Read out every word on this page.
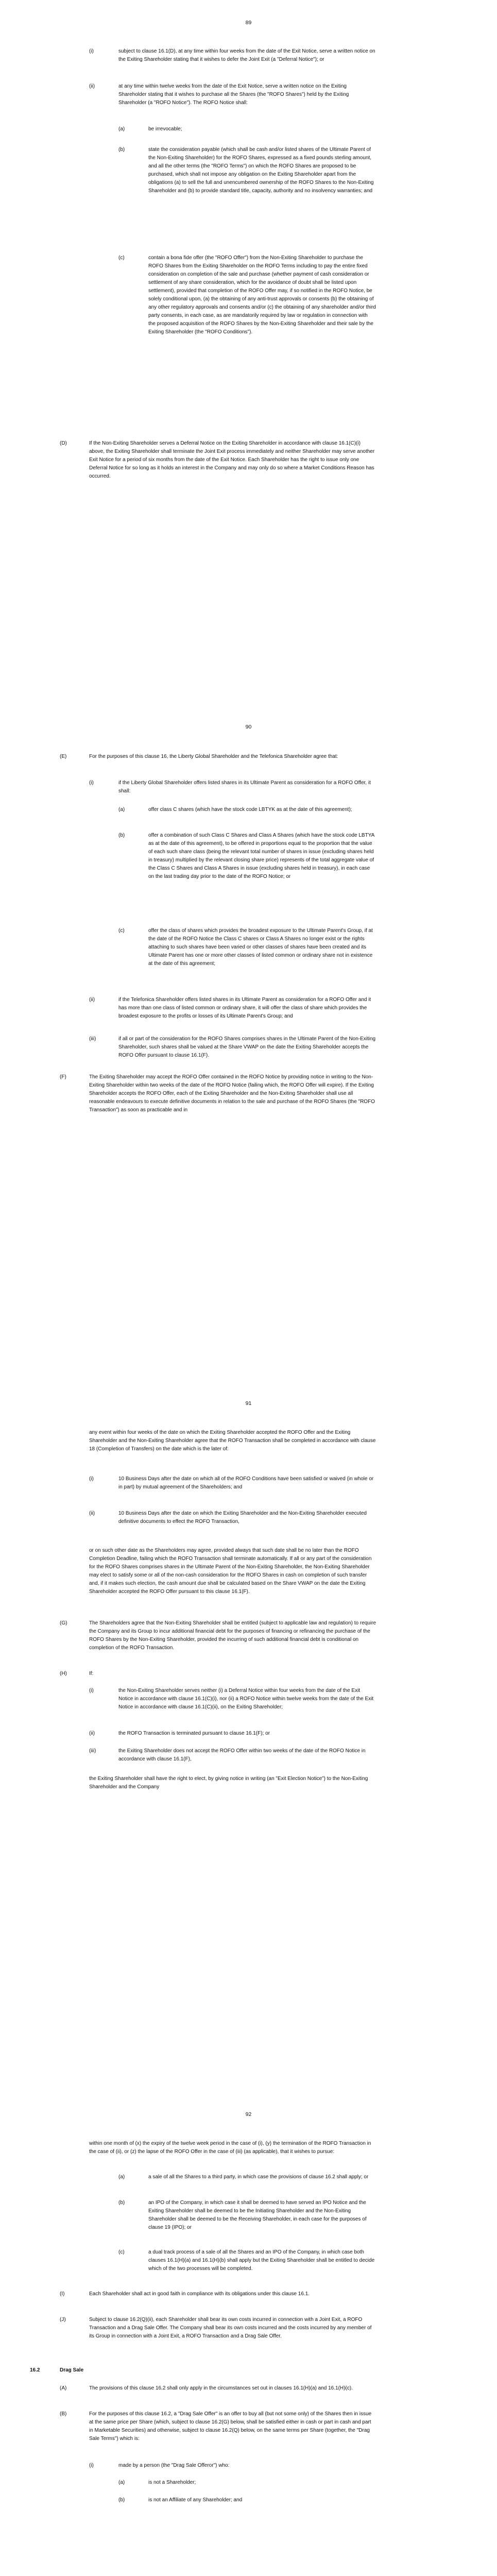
89
(i)	subject to clause 16.1(D), at any time within four weeks from the date of the Exit Notice, serve a written notice on the Exiting Shareholder stating that it wishes to defer the Joint Exit (a "Deferral Notice"); or

(ii)	at any time within twelve weeks from the date of the Exit Notice, serve a written notice on the Exiting Shareholder stating that it wishes to purchase all the Shares (the "ROFO Shares") held by the Exiting Shareholder (a "ROFO Notice"). The ROFO Notice shall:

(a)	be irrevocable;

(b)	state the consideration payable (which shall be cash and/or listed shares of the Ultimate Parent of the Non-Exiting Shareholder) for the ROFO Shares, expressed as a fixed pounds sterling amount, and all the other terms (the "ROFO Terms") on which the ROFO Shares are proposed to be purchased, which shall not impose any obligation on the Exiting Shareholder apart from the obligations (a) to sell the full and unencumbered ownership of the ROFO Shares to the Non-Exiting Shareholder and (b) to provide standard title, capacity, authority and no insolvency warranties; and

(c)	contain a bona fide offer (the "ROFO Offer") from the Non-Exiting Shareholder to purchase the ROFO Shares from the Exiting Shareholder on the ROFO Terms including to pay the entire fixed consideration on completion of the sale and purchase (whether payment of cash consideration or settlement of any share consideration, which for the avoidance of doubt shall be listed upon settlement), provided that completion of the ROFO Offer may, if so notified in the ROFO Notice, be solely conditional upon, (a) the obtaining of any anti-trust approvals or consents (b) the obtaining of any other regulatory approvals and consents and/or (c) the obtaining of any shareholder and/or third party consents, in each case, as are mandatorily required by law or regulation in connection with the proposed acquisition of the ROFO Shares by the Non-Exiting Shareholder and their sale by the Exiting Shareholder (the "ROFO Conditions").

(D)	If the Non-Exiting Shareholder serves a Deferral Notice on the Exiting Shareholder in accordance with clause 16.1(C)(i) above, the Exiting Shareholder shall terminate the Joint Exit process immediately and neither Shareholder may serve another Exit Notice for a period of six months from the date of the Exit Notice. Each Shareholder has the right to issue only one Deferral Notice for so long as it holds an interest in the Company and may only do so where a Market Conditions Reason has occurred.

90
(E)	For the purposes of this clause 16, the Liberty Global Shareholder and the Telefonica Shareholder agree that:

(i)	if the Liberty Global Shareholder offers listed shares in its Ultimate Parent as consideration for a ROFO Offer, it shall:

(a)	offer class C shares (which have the stock code LBTYK as at the date of this agreement);

(b)	offer a combination of such Class C Shares and Class A Shares (which have the stock code LBTYA as at the date of this agreement), to be offered in proportions equal to the proportion that the value of each such share class (being the relevant total number of shares in issue (excluding shares held in treasury) multiplied by the relevant closing share price) represents of the total aggregate value of the Class C Shares and Class A Shares in issue (excluding shares held in treasury), in each case on the last trading day prior to the date of the ROFO Notice; or

(c)	offer the class of shares which provides the broadest exposure to the Ultimate Parent's Group, if at the date of the ROFO Notice the Class C shares or Class A Shares no longer exist or the rights attaching to such shares have been varied or other classes of shares have been created and its Ultimate Parent has one or more other classes of listed common or ordinary share not in existence at the date of this agreement;

(ii)	if the Telefonica Shareholder offers listed shares in its Ultimate Parent as consideration for a ROFO Offer and it has more than one class of listed common or ordinary share, it will offer the class of share which provides the broadest exposure to the profits or losses of its Ultimate Parent's Group; and

(iii)	if all or part of the consideration for the ROFO Shares comprises shares in the Ultimate Parent of the Non-Exiting Shareholder, such shares shall be valued at the Share VWAP on the date the Exiting Shareholder accepts the ROFO Offer pursuant to clause 16.1(F).

(F)	The Exiting Shareholder may accept the ROFO Offer contained in the ROFO Notice by providing notice in writing to the Non-Exiting Shareholder within two weeks of the date of the ROFO Notice (failing which, the ROFO Offer will expire). If the Exiting Shareholder accepts the ROFO Offer, each of the Exiting Shareholder and the Non-Exiting Shareholder shall use all reasonable endeavours to execute definitive documents in relation to the sale and purchase of the ROFO Shares (the "ROFO Transaction") as soon as practicable and in

91

any event within four weeks of the date on which the Exiting Shareholder accepted the ROFO Offer and the Exiting Shareholder and the Non-Exiting Shareholder agree that the ROFO Transaction shall be completed in accordance with clause 18 (Completion of Transfers) on the date which is the later of:

(i)	10 Business Days after the date on which all of the ROFO Conditions have been satisfied or waived (in whole or in part) by mutual agreement of the Shareholders; and

(ii)	10 Business Days after the date on which the Exiting Shareholder and the Non-Exiting Shareholder executed definitive documents to effect the ROFO Transaction,

or on such other date as the Shareholders may agree, provided always that such date shall be no later than the ROFO Completion Deadline, failing which the ROFO Transaction shall terminate automatically. If all or any part of the consideration for the ROFO Shares comprises shares in the Ultimate Parent of the Non-Exiting Shareholder, the Non-Exiting Shareholder may elect to satisfy some or all of the non-cash consideration for the ROFO Shares in cash on completion of such transfer and, if it makes such election, the cash amount due shall be calculated based on the Share VWAP on the date the Exiting Shareholder accepted the ROFO Offer pursuant to this clause 16.1(F).

(G)	The Shareholders agree that the Non-Exiting Shareholder shall be entitled (subject to applicable law and regulation) to require the Company and its Group to incur additional financial debt for the purposes of financing or refinancing the purchase of the ROFO Shares by the Non-Exiting Shareholder, provided the incurring of such additional financial debt is conditional on completion of the ROFO Transaction.

(H)	If:

(i)	the Non-Exiting Shareholder serves neither (i) a Deferral Notice within four weeks from the date of the Exit Notice in accordance with clause 16.1(C)(i), nor (ii) a ROFO Notice within twelve weeks from the date of the Exit Notice in accordance with clause 16.1(C)(ii), on the Exiting Shareholder;

(ii)	the ROFO Transaction is terminated pursuant to clause 16.1(F); or

(iii)	the Exiting Shareholder does not accept the ROFO Offer within two weeks of the date of the ROFO Notice in accordance with clause 16.1(F),

the Exiting Shareholder shall have the right to elect, by giving notice in writing (an "Exit Election Notice") to the Non-Exiting Shareholder and the Company

92

within one month of (x) the expiry of the twelve week period in the case of (i), (y) the termination of the ROFO Transaction in the case of (ii), or (z) the lapse of the ROFO Offer in the case of (iii) (as applicable), that it wishes to pursue:

(a)	a sale of all the Shares to a third party, in which case the provisions of clause 16.2 shall apply; or

(b)	an IPO of the Company, in which case it shall be deemed to have served an IPO Notice and the Exiting Shareholder shall be deemed to be the Initiating Shareholder and the Non-Exiting Shareholder shall be deemed to be the Receiving Shareholder, in each case for the purposes of clause 19 (IPO); or

(c)	a dual track process of a sale of all the Shares and an IPO of the Company, in which case both clauses 16.1(H)(a) and 16.1(H)(b) shall apply but the Exiting Shareholder shall be entitled to decide which of the two processes will be completed.

(I)	Each Shareholder shall act in good faith in compliance with its obligations under this clause 16.1.

(J)	Subject to clause 16.2(Q)(ii), each Shareholder shall bear its own costs incurred in connection with a Joint Exit, a ROFO Transaction and a Drag Sale Offer. The Company shall bear its own costs incurred and the costs incurred by any member of its Group in connection with a Joint Exit, a ROFO Transaction and a Drag Sale Offer.

16.2	Drag Sale

(A)	The provisions of this clause 16.2 shall only apply in the circumstances set out in clauses 16.1(H)(a) and 16.1(H)(c).

(B)	For the purposes of this clause 16.2, a "Drag Sale Offer" is an offer to buy all (but not some only) of the Shares then in issue at the same price per Share (which, subject to clause 16.2(G) below, shall be satisfied either in cash or part in cash and part in Marketable Securities) and otherwise, subject to clause 16.2(Q) below, on the same terms per Share (together, the "Drag Sale Terms") which is:

(i)	made by a person (the "Drag Sale Offeror") who:

(a)	is not a Shareholder;

(b)	is not an Affiliate of any Shareholder; and
